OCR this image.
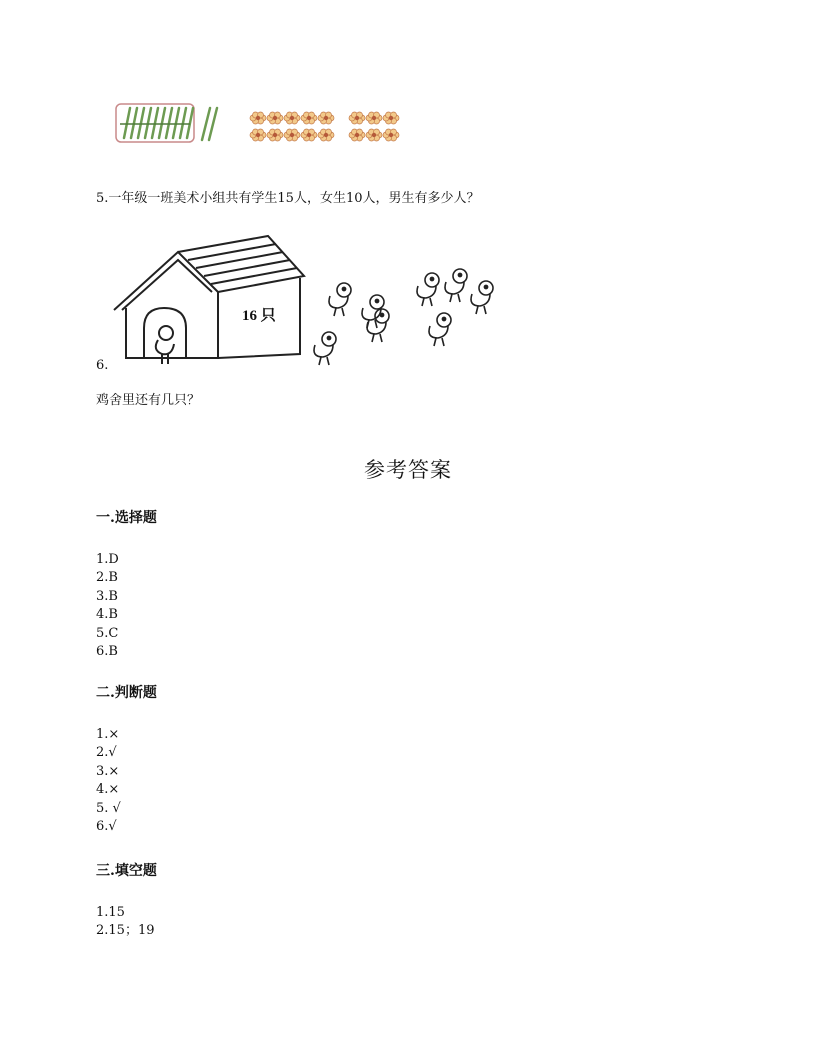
5.一年级一班美术小组共有学生15人，女生10人，男生有多少人？
16 只
6.
鸡舍里还有几只？
参考答案
一.选择题
1.D
2.B
3.B
4.B
5.C
6.B
二.判断题
1.×
2.√
3.×
4.×
5. √
6.√
三.填空题
1.15
2.15；19
